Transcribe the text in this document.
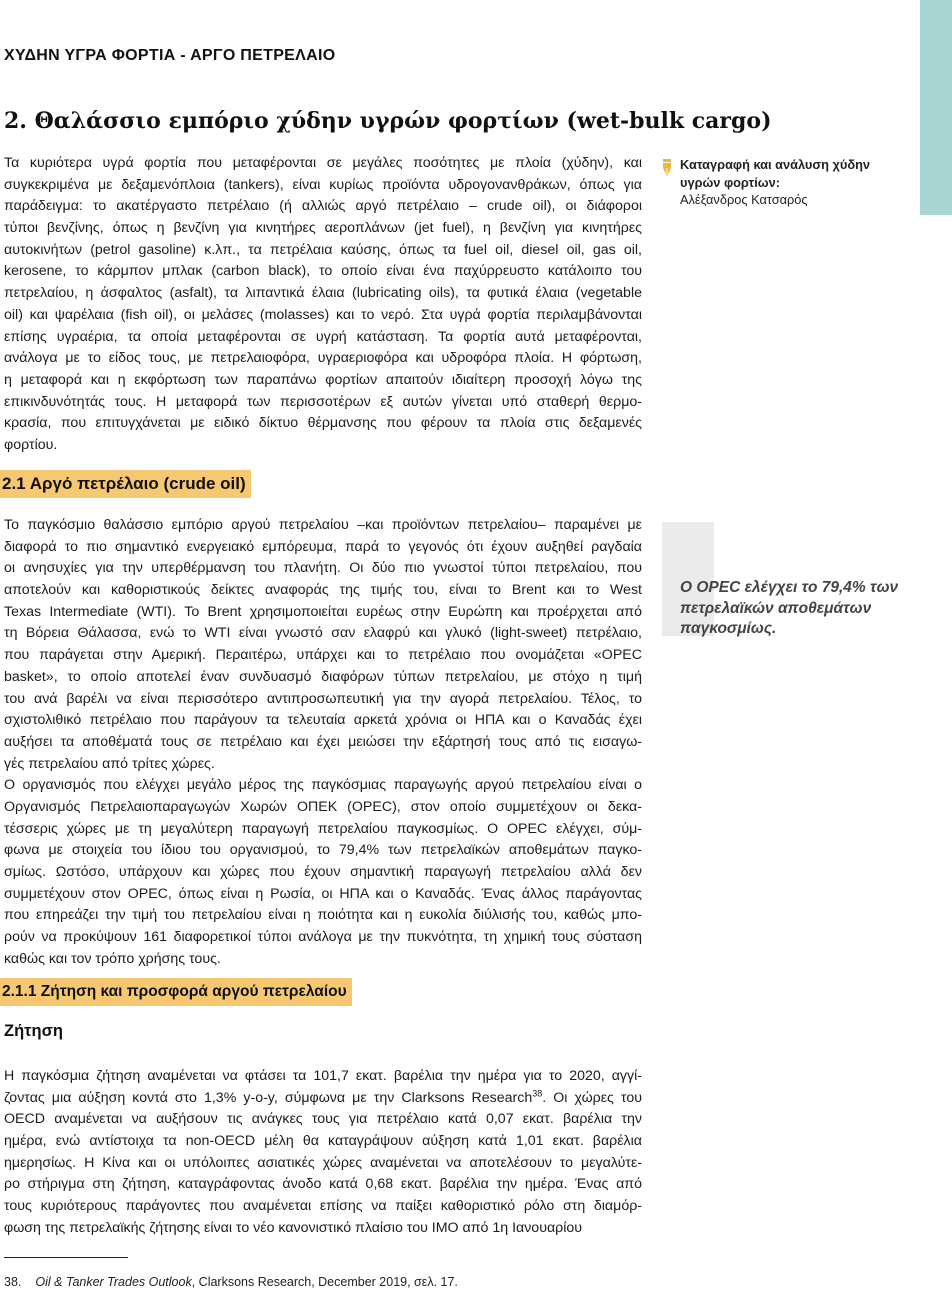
ΧΥΔΗΝ ΥΓΡΑ ΦΟΡΤΙΑ - ΑΡΓΟ ΠΕΤΡΕΛΑΙΟ
2. Θαλάσσιο εμπόριο χύδην υγρών φορτίων (wet-bulk cargo)
Τα κυριότερα υγρά φορτία που μεταφέρονται σε μεγάλες ποσότητες με πλοία (χύδην), και
συγκεκριμένα με δεξαμενόπλοια (tankers), είναι κυρίως προϊόντα υδρογονανθράκων, όπως για
παράδειγμα: το ακατέργαστο πετρέλαιο (ή αλλιώς αργό πετρέλαιο – crude oil), οι διάφοροι
τύποι βενζίνης, όπως η βενζίνη για κινητήρες αεροπλάνων (jet fuel), η βενζίνη για κινητήρες
αυτοκινήτων (petrol gasoline) κ.λπ., τα πετρέλαια καύσης, όπως τα fuel oil, diesel oil, gas oil,
kerosene, το κάρμπον μπλακ (carbon black), το οποίο είναι ένα παχύρρευστο κατάλοιπο του
πετρελαίου, η άσφαλτος (asfalt), τα λιπαντικά έλαια (lubricating oils), τα φυτικά έλαια (vegetable
oil) και ψαρέλαια (fish oil), οι μελάσες (molasses) και το νερό. Στα υγρά φορτία περιλαμβάνονται
επίσης υγραέρια, τα οποία μεταφέρονται σε υγρή κατάσταση. Τα φορτία αυτά μεταφέρονται,
ανάλογα με το είδος τους, με πετρελαιοφόρα, υγραεριοφόρα και υδροφόρα πλοία. Η φόρτωση,
η μεταφορά και η εκφόρτωση των παραπάνω φορτίων απαιτούν ιδιαίτερη προσοχή λόγω της
επικινδυνότητάς τους. Η μεταφορά των περισσοτέρων εξ αυτών γίνεται υπό σταθερή θερμο-
κρασία, που επιτυγχάνεται με ειδικό δίκτυο θέρμανσης που φέρουν τα πλοία στις δεξαμενές
φορτίου.
Καταγραφή και ανάλυση χύδην υγρών φορτίων:
Αλέξανδρος Κατσαρός
2.1 Αργό πετρέλαιο (crude oil)
Το παγκόσμιο θαλάσσιο εμπόριο αργού πετρελαίου –και προϊόντων πετρελαίου– παραμένει με
διαφορά το πιο σημαντικό ενεργειακό εμπόρευμα, παρά το γεγονός ότι έχουν αυξηθεί ραγδαία
οι ανησυχίες για την υπερθέρμανση του πλανήτη. Οι δύο πιο γνωστοί τύποι πετρελαίου, που
αποτελούν και καθοριστικούς δείκτες αναφοράς της τιμής του, είναι το Brent και το West
Texas Intermediate (WTI). Το Brent χρησιμοποιείται ευρέως στην Ευρώπη και προέρχεται από
τη Βόρεια Θάλασσα, ενώ το WTI είναι γνωστό σαν ελαφρύ και γλυκό (light-sweet) πετρέλαιο,
που παράγεται στην Αμερική. Περαιτέρω, υπάρχει και το πετρέλαιο που ονομάζεται «OPEC
basket», το οποίο αποτελεί έναν συνδυασμό διαφόρων τύπων πετρελαίου, με στόχο η τιμή
του ανά βαρέλι να είναι περισσότερο αντιπροσωπευτική για την αγορά πετρελαίου. Τέλος, το
σχιστολιθικό πετρέλαιο που παράγουν τα τελευταία αρκετά χρόνια οι ΗΠΑ και ο Καναδάς έχει
αυξήσει τα αποθέματά τους σε πετρέλαιο και έχει μειώσει την εξάρτησή τους από τις εισαγω-
γές πετρελαίου από τρίτες χώρες.
Ο οργανισμός που ελέγχει μεγάλο μέρος της παγκόσμιας παραγωγής αργού πετρελαίου είναι ο
Οργανισμός Πετρελαιοπαραγωγών Χωρών ΟΠΕΚ (OPEC), στον οποίο συμμετέχουν οι δεκα-
τέσσερις χώρες με τη μεγαλύτερη παραγωγή πετρελαίου παγκοσμίως. Ο OPEC ελέγχει, σύμ-
φωνα με στοιχεία του ίδιου του οργανισμού, το 79,4% των πετρελαϊκών αποθεμάτων παγκο-
σμίως. Ωστόσο, υπάρχουν και χώρες που έχουν σημαντική παραγωγή πετρελαίου αλλά δεν
συμμετέχουν στον OPEC, όπως είναι η Ρωσία, οι ΗΠΑ και ο Καναδάς. Ένας άλλος παράγοντας
που επηρεάζει την τιμή του πετρελαίου είναι η ποιότητα και η ευκολία διύλισής του, καθώς μπο-
ρούν να προκύψουν 161 διαφορετικοί τύποι ανάλογα με την πυκνότητα, τη χημική τους σύσταση
καθώς και τον τρόπο χρήσης τους.
Ο OPEC ελέγχει το 79,4% των πετρελαϊκών αποθεμάτων παγκοσμίως.
2.1.1 Ζήτηση και προσφορά αργού πετρελαίου
Ζήτηση
Η παγκόσμια ζήτηση αναμένεται να φτάσει τα 101,7 εκατ. βαρέλια την ημέρα για το 2020, αγγί-
ζοντας μια αύξηση κοντά στο 1,3% y-o-y, σύμφωνα με την Clarksons Research$^{38}$. Οι χώρες του
OECD αναμένεται να αυξήσουν τις ανάγκες τους για πετρέλαιο κατά 0,07 εκατ. βαρέλια την
ημέρα, ενώ αντίστοιχα τα non-OECD μέλη θα καταγράψουν αύξηση κατά 1,01 εκατ. βαρέλια
ημερησίως. Η Κίνα και οι υπόλοιπες ασιατικές χώρες αναμένεται να αποτελέσουν το μεγαλύτε-
ρο στήριγμα στη ζήτηση, καταγράφοντας άνοδο κατά 0,68 εκατ. βαρέλια την ημέρα. Ένας από
τους κυριότερους παράγοντες που αναμένεται επίσης να παίξει καθοριστικό ρόλο στη διαμόρ-
φωση της πετρελαϊκής ζήτησης είναι το νέο κανονιστικό πλαίσιο του ΙΜΟ από 1η Ιανουαρίου
38. Oil & Tanker Trades Outlook, Clarksons Research, December 2019, σελ. 17.
